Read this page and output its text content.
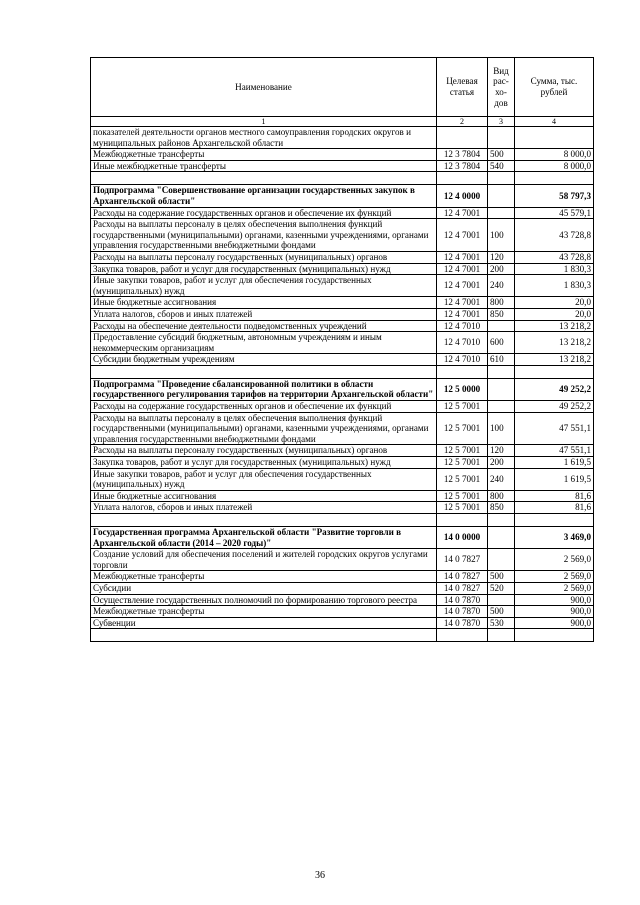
Наименование	Целевая статья	Вид рас- хо- дов	Сумма, тыс. рублей
1	2	3	4
показателей деятельности органов местного самоуправления городских округов и муниципальных районов Архангельской области			
Межбюджетные трансферты	12 3 7804	500	8 000,0
Иные межбюджетные трансферты	12 3 7804	540	8 000,0

Подпрограмма "Совершенствование организации государственных закупок в Архангельской области"	12 4 0000		58 797,3
Расходы на содержание государственных органов и обеспечение их функций	12 4 7001		45 579,1
Расходы на выплаты персоналу в целях обеспечения выполнения функций государственными (муниципальными) органами, казенными учреждениями, органами управления государственными внебюджетными фондами	12 4 7001	100	43 728,8
Расходы на выплаты персоналу государственных (муниципальных) органов	12 4 7001	120	43 728,8
Закупка товаров, работ и услуг для государственных (муниципальных) нужд	12 4 7001	200	1 830,3
Иные закупки товаров, работ и услуг для обеспечения государственных (муниципальных) нужд	12 4 7001	240	1 830,3
Иные бюджетные ассигнования	12 4 7001	800	20,0
Уплата налогов, сборов и иных платежей	12 4 7001	850	20,0
Расходы на обеспечение деятельности подведомственных учреждений	12 4 7010		13 218,2
Предоставление субсидий бюджетным, автономным учреждениям и иным некоммерческим организациям	12 4 7010	600	13 218,2
Субсидии бюджетным учреждениям	12 4 7010	610	13 218,2

Подпрограмма "Проведение сбалансированной политики в области государственного регулирования тарифов на территории Архангельской области"	12 5 0000		49 252,2
Расходы на содержание государственных органов и обеспечение их функций	12 5 7001		49 252,2
Расходы на выплаты персоналу в целях обеспечения выполнения функций государственными (муниципальными) органами, казенными учреждениями, органами управления государственными внебюджетными фондами	12 5 7001	100	47 551,1
Расходы на выплаты персоналу государственных (муниципальных) органов	12 5 7001	120	47 551,1
Закупка товаров, работ и услуг для государственных (муниципальных) нужд	12 5 7001	200	1 619,5
Иные закупки товаров, работ и услуг для обеспечения государственных (муниципальных) нужд	12 5 7001	240	1 619,5
Иные бюджетные ассигнования	12 5 7001	800	81,6
Уплата налогов, сборов и иных платежей	12 5 7001	850	81,6

Государственная программа Архангельской области "Развитие торговли в Архангельской области (2014 – 2020 годы)"	14 0 0000		3 469,0
Создание условий для обеспечения поселений и жителей городских округов услугами торговли	14 0 7827		2 569,0
Межбюджетные трансферты	14 0 7827	500	2 569,0
Субсидии	14 0 7827	520	2 569,0
Осуществление государственных полномочий по формированию торгового реестра	14 0 7870		900,0
Межбюджетные трансферты	14 0 7870	500	900,0
Субвенции	14 0 7870	530	900,0

36
